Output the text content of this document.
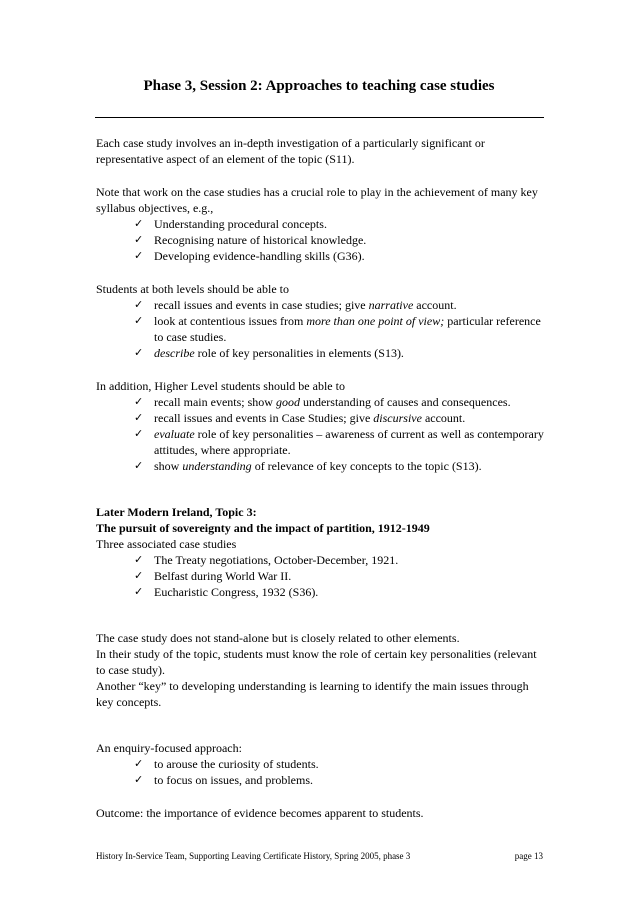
Phase 3, Session 2: Approaches to teaching case studies

Each case study involves an in-depth investigation of a particularly significant or representative aspect of an element of the topic (S11).

Note that work on the case studies has a crucial role to play in the achievement of many key syllabus objectives, e.g.,

✓ Understanding procedural concepts.
✓ Recognising nature of historical knowledge.
✓ Developing evidence-handling skills (G36).

Students at both levels should be able to

✓ recall issues and events in case studies; give narrative account.
✓ look at contentious issues from more than one point of view; particular reference to case studies.
✓ describe role of key personalities in elements (S13).

In addition, Higher Level students should be able to

✓ recall main events; show good understanding of causes and consequences.
✓ recall issues and events in Case Studies; give discursive account.
✓ evaluate role of key personalities – awareness of current as well as contemporary attitudes, where appropriate.
✓ show understanding of relevance of key concepts to the topic (S13).

Later Modern Ireland, Topic 3:

The pursuit of sovereignty and the impact of partition, 1912-1949

Three associated case studies

✓ The Treaty negotiations, October-December, 1921.
✓ Belfast during World War II.
✓ Eucharistic Congress, 1932 (S36).

The case study does not stand-alone but is closely related to other elements.

In their study of the topic, students must know the role of certain key personalities (relevant to case study).

Another “key” to developing understanding is learning to identify the main issues through key concepts.

An enquiry-focused approach:

✓ to arouse the curiosity of students.
✓ to focus on issues, and problems.

Outcome: the importance of evidence becomes apparent to students.

History In-Service Team, Supporting Leaving Certificate History, Spring 2005, phase 3	page 13
